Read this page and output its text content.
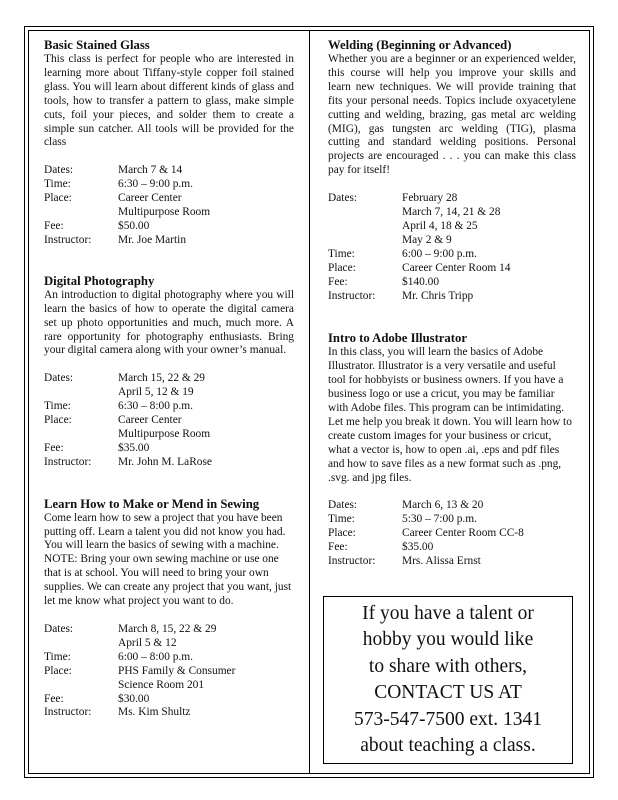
Basic Stained Glass

This class is perfect for people who are interested in learning more about Tiffany-style copper foil stained glass. You will learn about different kinds of glass and tools, how to transfer a pattern to glass, make simple cuts, foil your pieces, and solder them to create a simple sun catcher. All tools will be provided for the class

Dates:	March 7 & 14
Time:	6:30 – 9:00 p.m.
Place:	Career Center
Multipurpose Room
Fee:	$50.00
Instructor:	Mr. Joe Martin
Digital Photography

An introduction to digital photography where you will learn the basics of how to operate the digital camera set up photo opportunities and much, much more. A rare opportunity for photography enthusiasts. Bring your digital camera along with your owner’s manual.

Dates:	March 15, 22 & 29
April 5, 12 & 19
Time:	6:30 – 8:00 p.m.
Place:	Career Center
Multipurpose Room
Fee:	$35.00
Instructor:	Mr. John M. LaRose
Learn How to Make or Mend in Sewing

Come learn how to sew a project that you have been putting off. Learn a talent you did not know you had. You will learn the basics of sewing with a machine. NOTE: Bring your own sewing machine or use one that is at school. You will need to bring your own supplies. We can create any project that you want, just let me know what project you want to do.

Dates:	March 8, 15, 22 & 29
April 5 & 12
Time:	6:00 – 8:00 p.m.
Place:	PHS Family & Consumer
Science Room 201
Fee:	$30.00
Instructor:	Ms. Kim Shultz
Welding (Beginning or Advanced)

Whether you are a beginner or an experienced welder, this course will help you improve your skills and learn new techniques. We will provide training that fits your personal needs. Topics include oxyacetylene cutting and welding, brazing, gas metal arc welding (MIG), gas tungsten arc welding (TIG), plasma cutting and standard welding positions. Personal projects are encouraged . . . you can make this class pay for itself!

Dates:	February 28
March 7, 14, 21 & 28
April 4, 18 & 25
May 2 & 9
Time:	6:00 – 9:00 p.m.
Place:	Career Center Room 14
Fee:	$140.00
Instructor:	Mr. Chris Tripp
Intro to Adobe Illustrator

In this class, you will learn the basics of Adobe Illustrator. Illustrator is a very versatile and useful tool for hobbyists or business owners. If you have a business logo or use a cricut, you may be familiar with Adobe files. This program can be intimidating. Let me help you break it down. You will learn how to create custom images for your business or cricut, what a vector is, how to open .ai, .eps and pdf files and how to save files as a new format such as .png, .svg. and jpg files.

Dates:	March 6, 13 & 20
Time:	5:30 – 7:00 p.m.
Place:	Career Center Room CC-8
Fee:	$35.00
Instructor:	Mrs. Alissa Ernst
If you have a talent or
hobby you would like
to share with others,
CONTACT US AT
573-547-7500 ext. 1341
about teaching a class.
